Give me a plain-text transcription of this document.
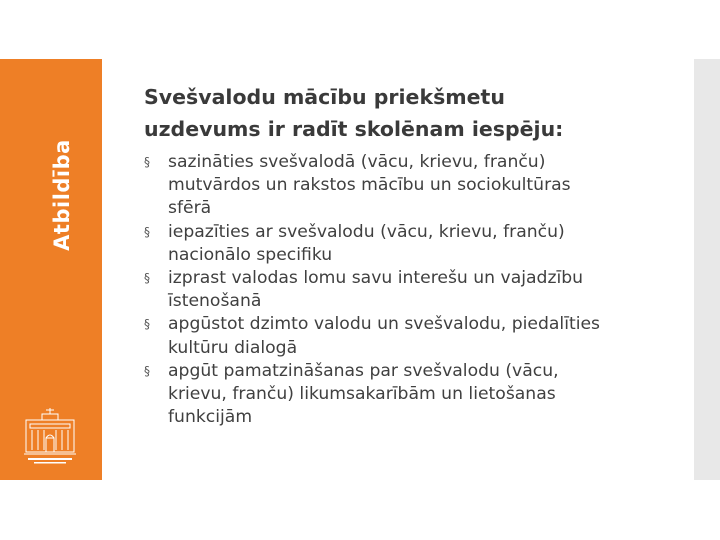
Atbildība
Svešvalodu mācību priekšmetu
uzdevums ir radīt skolēnam iespēju:
§ sazināties svešvalodā (vācu, krievu, franču)
mutvārdos un rakstos mācību un sociokultūras
sfērā
§ iepazīties ar svešvalodu (vācu, krievu, franču)
nacionālo specifiku
§ izprast valodas lomu savu interešu un vajadzību
īstenošanā
§ apgūstot dzimto valodu un svešvalodu, piedalīties
kultūru dialogā
§ apgūt pamatzināšanas par svešvalodu (vācu,
krievu, franču) likumsakarībām un lietošanas
funkcijām
